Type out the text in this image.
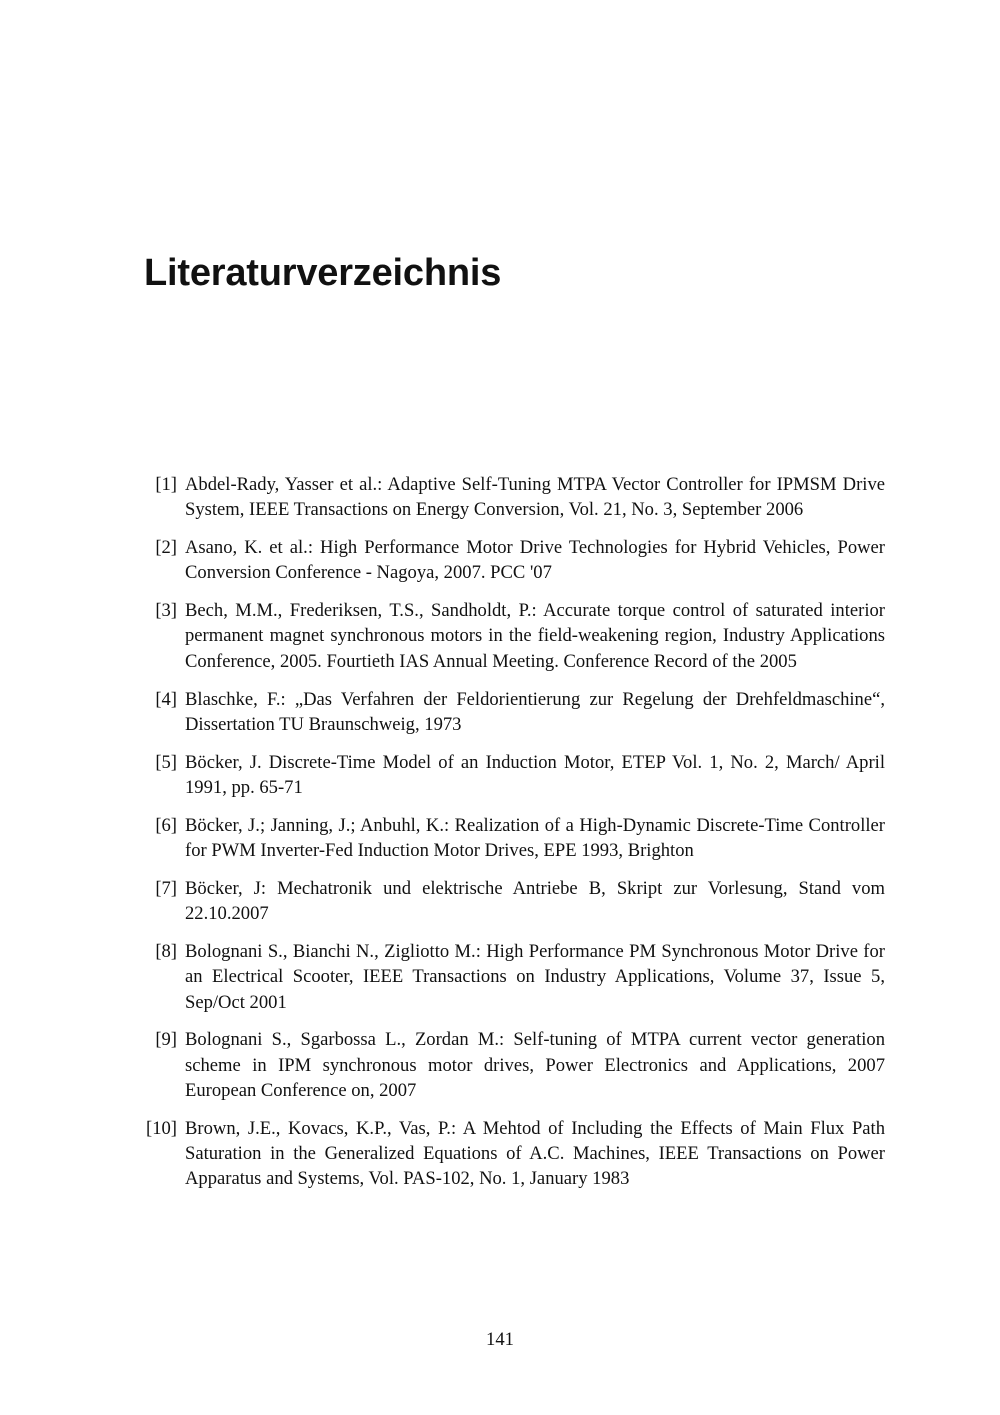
Literaturverzeichnis
[1] Abdel-Rady, Yasser et al.: Adaptive Self-Tuning MTPA Vector Controller for IPMSM Drive System, IEEE Transactions on Energy Conversion, Vol. 21, No. 3, September 2006
[2] Asano, K. et al.: High Performance Motor Drive Technologies for Hybrid Vehicles, Power Conversion Conference - Nagoya, 2007. PCC '07
[3] Bech, M.M., Frederiksen, T.S., Sandholdt, P.: Accurate torque control of saturated interior permanent magnet synchronous motors in the field-weakening region, Industry Applications Conference, 2005. Fourtieth IAS Annual Meeting. Conference Record of the 2005
[4] Blaschke, F.: „Das Verfahren der Feldorientierung zur Regelung der Drehfeldmaschine“, Dissertation TU Braunschweig, 1973
[5] Böcker, J. Discrete-Time Model of an Induction Motor, ETEP Vol. 1, No. 2, March/ April 1991, pp. 65-71
[6] Böcker, J.; Janning, J.; Anbuhl, K.: Realization of a High-Dynamic Discrete-Time Controller for PWM Inverter-Fed Induction Motor Drives, EPE 1993, Brighton
[7] Böcker, J: Mechatronik und elektrische Antriebe B, Skript zur Vorlesung, Stand vom 22.10.2007
[8] Bolognani S., Bianchi N., Zigliotto M.: High Performance PM Synchronous Motor Drive for an Electrical Scooter, IEEE Transactions on Industry Applications, Volume 37, Issue 5, Sep/Oct 2001
[9] Bolognani S., Sgarbossa L., Zordan M.: Self-tuning of MTPA current vector generation scheme in IPM synchronous motor drives, Power Electronics and Applications, 2007 European Conference on, 2007
[10] Brown, J.E., Kovacs, K.P., Vas, P.: A Mehtod of Including the Effects of Main Flux Path Saturation in the Generalized Equations of A.C. Machines, IEEE Transactions on Power Apparatus and Systems, Vol. PAS-102, No. 1, January 1983
141
